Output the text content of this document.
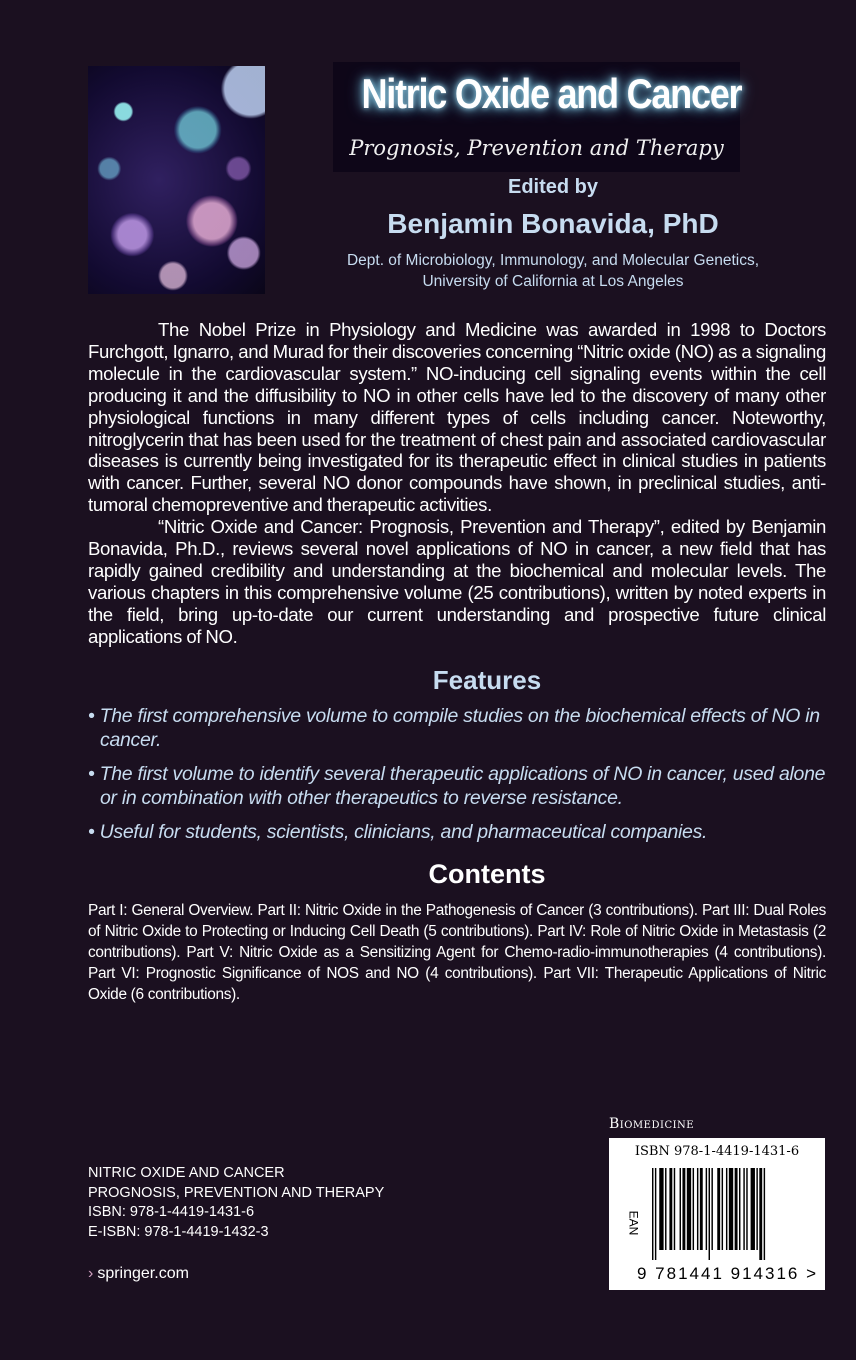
Nitric Oxide and Cancer
Prognosis, Prevention and Therapy
Edited by
Benjamin Bonavida, PhD
Dept. of Microbiology, Immunology, and Molecular Genetics,
University of California at Los Angeles

The Nobel Prize in Physiology and Medicine was awarded in 1998 to Doctors Furchgott, Ignarro, and Murad for their discoveries concerning “Nitric oxide (NO) as a signaling molecule in the cardiovascular system.” NO-inducing cell signaling events within the cell producing it and the diffusibility to NO in other cells have led to the discovery of many other physiological functions in many different types of cells including cancer. Noteworthy, nitroglycerin that has been used for the treatment of chest pain and associated cardiovascular diseases is currently being investigated for its therapeutic effect in clinical studies in patients with cancer. Further, several NO donor compounds have shown, in preclinical studies, anti-tumoral chemopreventive and therapeutic activities.

“Nitric Oxide and Cancer: Prognosis, Prevention and Therapy”, edited by Benjamin Bonavida, Ph.D., reviews several novel applications of NO in cancer, a new field that has rapidly gained credibility and understanding at the biochemical and molecular levels. The various chapters in this comprehensive volume (25 contributions), written by noted experts in the field, bring up-to-date our current understanding and prospective future clinical applications of NO.

Features
• The first comprehensive volume to compile studies on the biochemical effects of NO in cancer.
• The first volume to identify several therapeutic applications of NO in cancer, used alone or in combination with other therapeutics to reverse resistance.
• Useful for students, scientists, clinicians, and pharmaceutical companies.
Contents

Part I: General Overview. Part II: Nitric Oxide in the Pathogenesis of Cancer (3 contributions). Part III: Dual Roles of Nitric Oxide to Protecting or Inducing Cell Death (5 contributions). Part IV: Role of Nitric Oxide in Metastasis (2 contributions). Part V: Nitric Oxide as a Sensitizing Agent for Chemo-radio-immunotherapies (4 contributions). Part VI: Prognostic Significance of NOS and NO (4 contributions). Part VII: Therapeutic Applications of Nitric Oxide (6 contributions).

NITRIC OXIDE AND CANCER
PROGNOSIS, PREVENTION AND THERAPY
ISBN: 978-1-4419-1431-6
E-ISBN: 978-1-4419-1432-3
› springer.com
Biomedicine
ISBN 978-1-4419-1431-6
EAN
9 781441 914316 >
